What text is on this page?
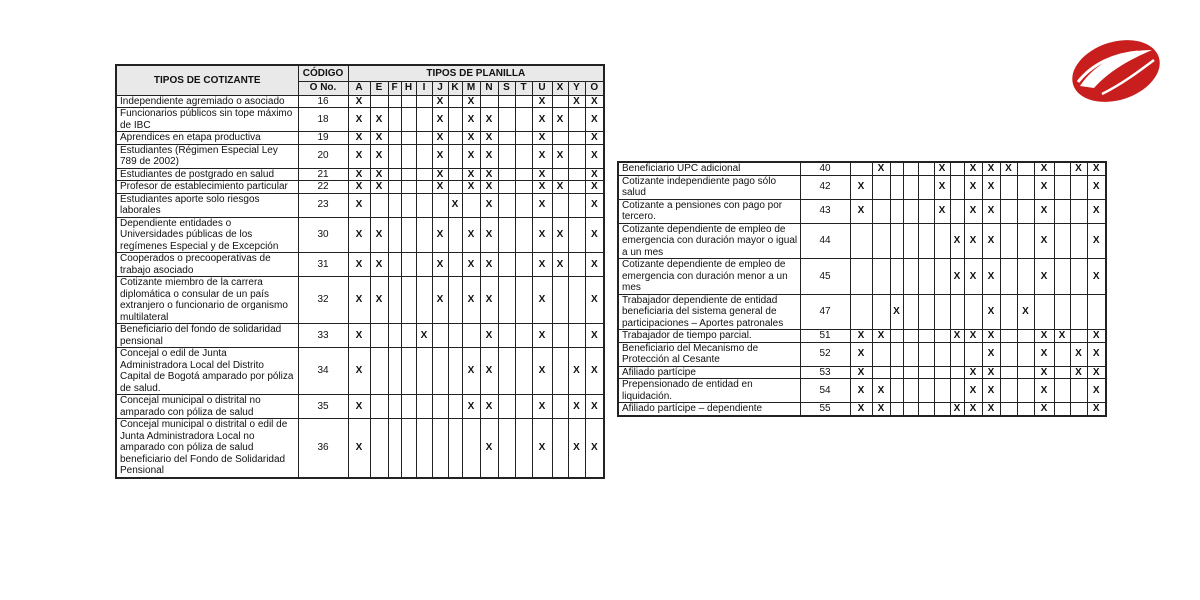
TIPOS DE COTIZANTE	CÓDIGO	TIPOS DE PLANILLA														
	O No.	A	E	F	H	I	J	K	M	N	S	T	U	X	Y	O
Independiente agremiado o asociado	16	X					X		X				X		X	X
Funcionarios públicos sin tope máximo de IBC	18	X	X				X		X	X			X	X		X
Aprendices en etapa productiva	19	X	X				X		X	X			X			X
Estudiantes (Régimen Especial Ley 789 de 2002)	20	X	X				X		X	X			X	X		X
Estudiantes de postgrado en salud	21	X	X				X		X	X			X			X
Profesor de establecimiento particular	22	X	X				X		X	X			X	X		X
Estudiantes aporte solo riesgos laborales	23	X						X		X			X			X
Dependiente entidades o Universidades públicas de los regímenes Especial y de Excepción	30	X	X				X		X	X			X	X		X
Cooperados o precooperativas de trabajo asociado	31	X	X				X		X	X			X	X		X
Cotizante miembro de la carrera diplomática o consular de un país extranjero o funcionario de organismo multilateral	32	X	X				X		X	X			X			X
Beneficiario del fondo de solidaridad pensional	33	X				X				X			X			X
Concejal o edil de Junta Administradora Local del Distrito Capital de Bogotá amparado por póliza de salud.	34	X							X	X			X		X	X
Concejal municipal o distrital no amparado con póliza de salud	35	X							X	X			X		X	X
Concejal municipal o distrital o edil de Junta Administradora Local no amparado con póliza de salud beneficiario del Fondo de Solidaridad Pensional	36	X								X			X		X	X
Beneficiario UPC adicional	40		X				X		X	X	X		X		X	X
Cotizante independiente pago sólo salud	42	X					X		X	X			X			X
Cotizante a pensiones con pago por tercero.	43	X					X		X	X			X			X
Cotizante dependiente de empleo de emergencia con duración mayor o igual a un mes	44							X	X	X			X			X
Cotizante dependiente de empleo de emergencia con duración menor a un mes	45							X	X	X			X			X
Trabajador dependiente de entidad beneficiaria del sistema general de participaciones – Aportes patronales	47			X						X		X				
Trabajador de tiempo parcial.	51	X	X					X	X	X			X	X		X
Beneficiario del Mecanismo de Protección al Cesante	52	X								X			X		X	X
Afiliado partícipe	53	X							X	X			X		X	X
Prepensionado de entidad en liquidación.	54	X	X						X	X			X			X
Afiliado partícipe – dependiente	55	X	X					X	X	X			X			X
